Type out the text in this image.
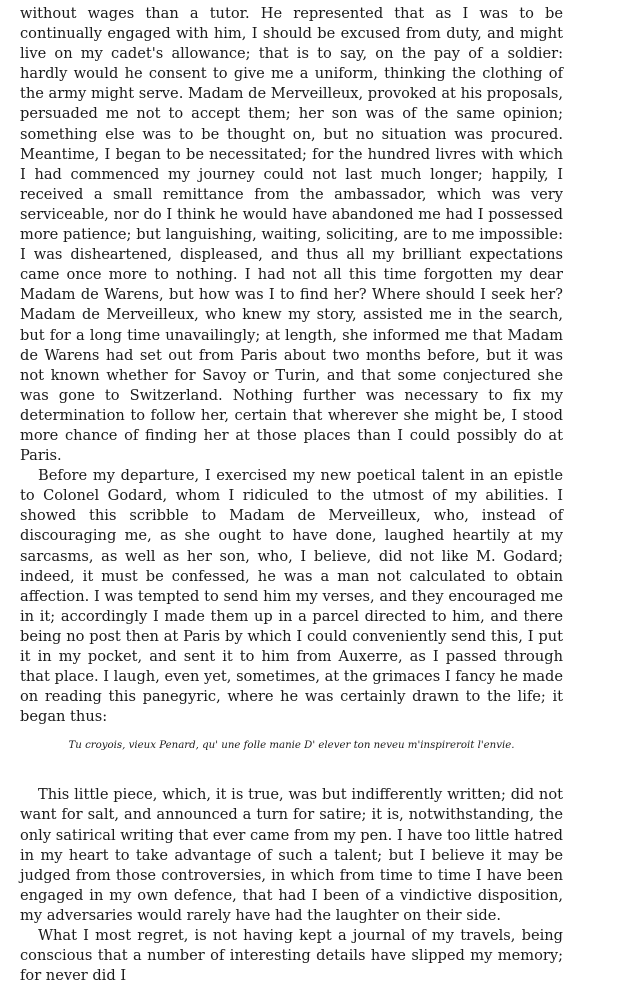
without wages than a tutor. He represented that as I was to be continually engaged with him, I should be excused from duty, and might live on my cadet's allowance; that is to say, on the pay of a soldier: hardly would he consent to give me a uniform, thinking the clothing of the army might serve. Madam de Merveilleux, provoked at his proposals, persuaded me not to accept them; her son was of the same opinion; something else was to be thought on, but no situation was procured. Meantime, I began to be necessitated; for the hundred livres with which I had commenced my journey could not last much longer; happily, I received a small remittance from the ambassador, which was very serviceable, nor do I think he would have abandoned me had I possessed more patience; but languishing, waiting, soliciting, are to me impossible: I was disheartened, displeased, and thus all my brilliant expectations came once more to nothing. I had not all this time forgotten my dear Madam de Warens, but how was I to find her? Where should I seek her? Madam de Merveilleux, who knew my story, assisted me in the search, but for a long time unavailingly; at length, she informed me that Madam de Warens had set out from Paris about two months before, but it was not known whether for Savoy or Turin, and that some conjectured she was gone to Switzerland. Nothing further was necessary to fix my determination to follow her, certain that wherever she might be, I stood more chance of finding her at those places than I could possibly do at Paris.

Before my departure, I exercised my new poetical talent in an epistle to Colonel Godard, whom I ridiculed to the utmost of my abilities. I showed this scribble to Madam de Merveilleux, who, instead of discouraging me, as she ought to have done, laughed heartily at my sarcasms, as well as her son, who, I believe, did not like M. Godard; indeed, it must be confessed, he was a man not calculated to obtain affection. I was tempted to send him my verses, and they encouraged me in it; accordingly I made them up in a parcel directed to him, and there being no post then at Paris by which I could conveniently send this, I put it in my pocket, and sent it to him from Auxerre, as I passed through that place. I laugh, even yet, sometimes, at the grimaces I fancy he made on reading this panegyric, where he was certainly drawn to the life; it began thus:

Tu croyois, vieux Penard, qu' une folle manie D' elever ton neveu m'inspireroit l'envie.

This little piece, which, it is true, was but indifferently written; did not want for salt, and announced a turn for satire; it is, notwithstanding, the only satirical writing that ever came from my pen. I have too little hatred in my heart to take advantage of such a talent; but I believe it may be judged from those controversies, in which from time to time I have been engaged in my own defence, that had I been of a vindictive disposition, my adversaries would rarely have had the laughter on their side.

What I most regret, is not having kept a journal of my travels, being conscious that a number of interesting details have slipped my memory; for never did I
